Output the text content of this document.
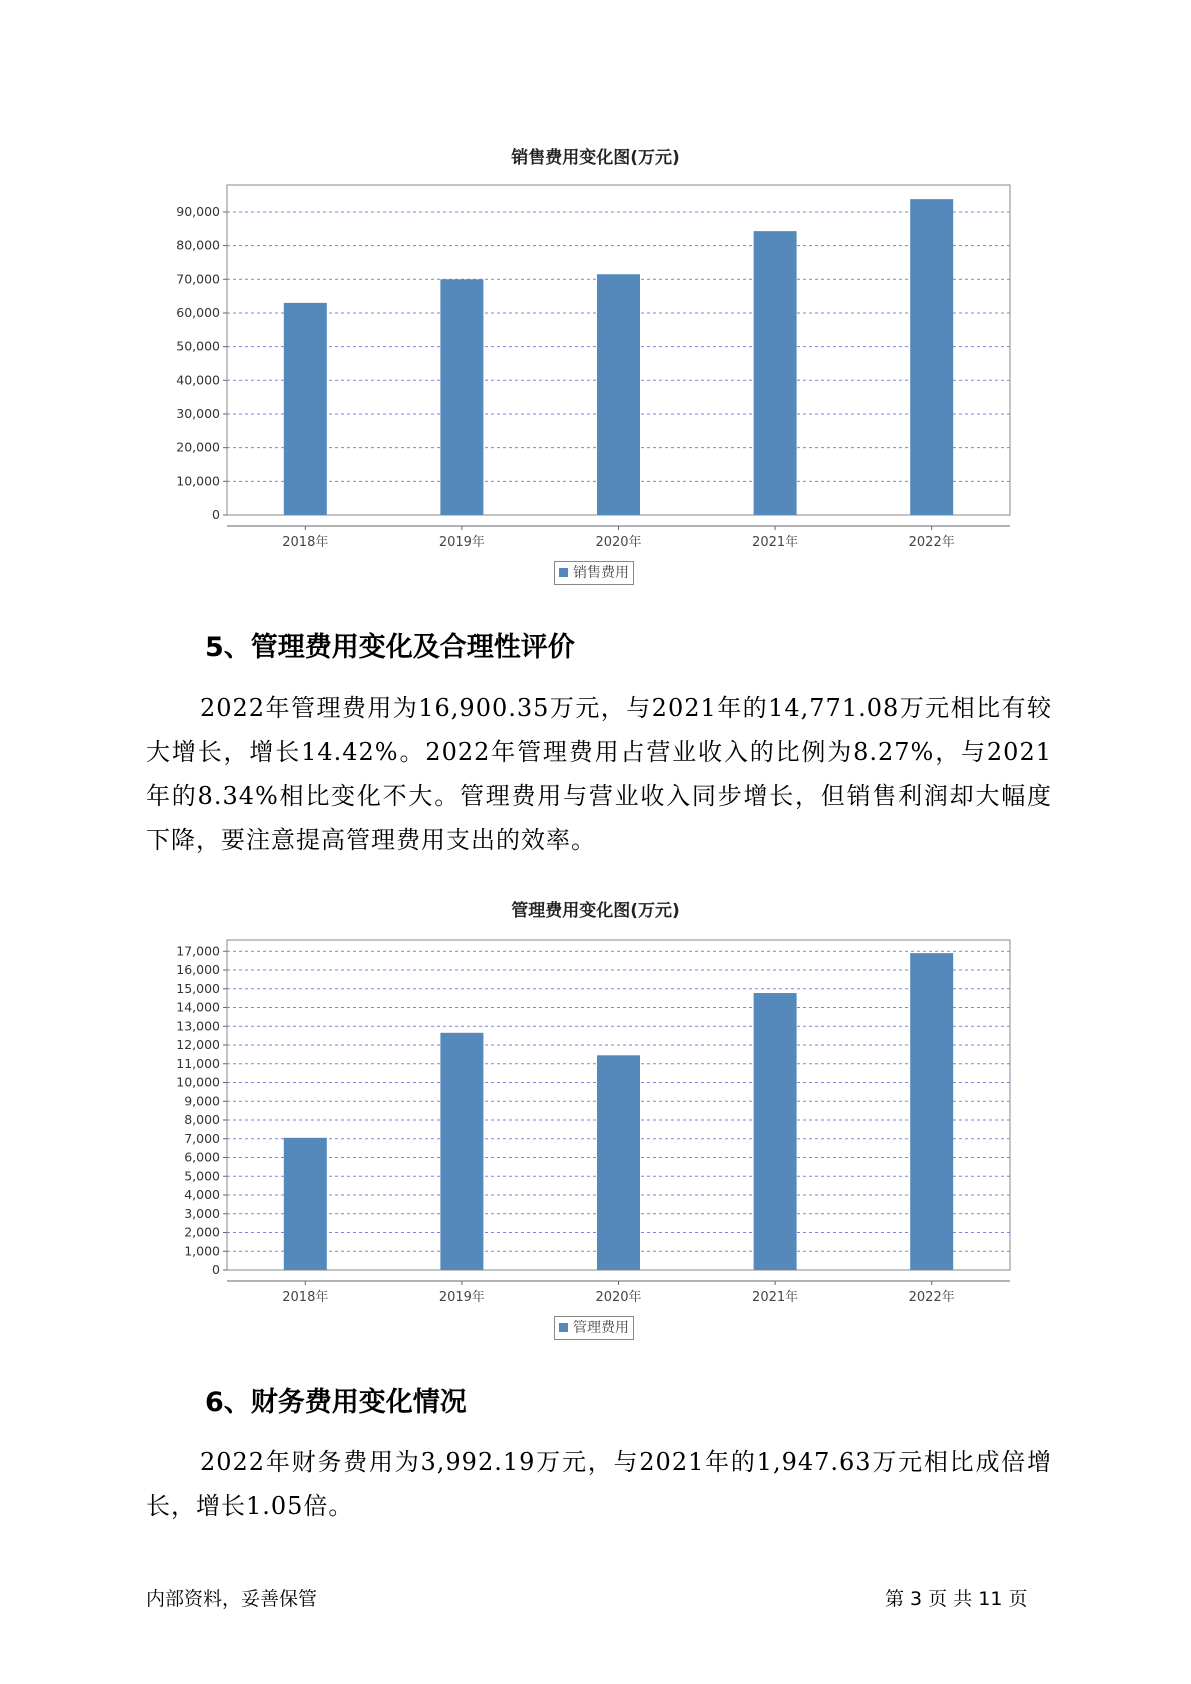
销售费用变化图(万元)
0
10,000
20,000
30,000
40,000
50,000
60,000
70,000
80,000
90,000
2018年	2019年	2020年	2021年	2022年
销售费用
5、管理费用变化及合理性评价
2022年管理费用为16,900.35万元，与2021年的14,771.08万元相比有较大增长，增长14.42%。2022年管理费用占营业收入的比例为8.27%，与2021年的8.34%相比变化不大。管理费用与营业收入同步增长，但销售利润却大幅度下降，要注意提高管理费用支出的效率。
管理费用变化图(万元)
0
1,000
2,000
3,000
4,000
5,000
6,000
7,000
8,000
9,000
10,000
11,000
12,000
13,000
14,000
15,000
16,000
17,000
2018年	2019年	2020年	2021年	2022年
管理费用
6、财务费用变化情况
2022年财务费用为3,992.19万元，与2021年的1,947.63万元相比成倍增长，增长1.05倍。
内部资料，妥善保管	第 3 页 共 11 页
